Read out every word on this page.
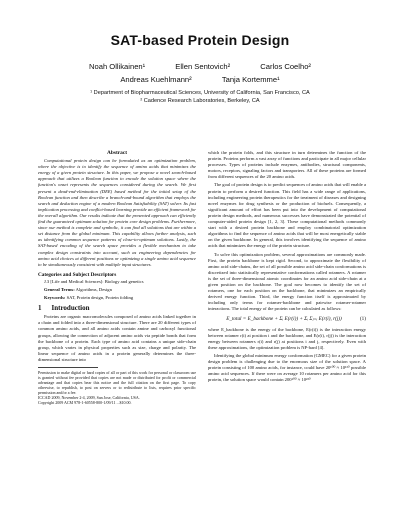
SAT-based Protein Design
Noah Ollikainen¹	Ellen Sentovich²	Carlos Coelho²
Andreas Kuehlmann²	Tanja Kortemme¹
¹ Department of Biopharmaceutical Sciences, University of California, San Francisco, CA
² Cadence Research Laboratories, Berkeley, CA
Abstract

Computational protein design can be formulated as an optimization problem, where the objective is to identify the sequence of amino acids that minimizes the energy of a given protein structure. In this paper, we propose a novel search-based approach that utilizes a Boolean function to encode the solution space where the function's onset represents the sequences considered during the search. We first present a dead-end-elimination (DEE) based method for the initial setup of the Boolean function and then describe a branch-and-bound algorithm that employs the search and deduction engine of a modern Boolean Satisfiability (SAT) solver. Its fast implication processing and conflict-based learning provide an efficient framework for the overall algorithm. Our results indicate that the presented approach can efficiently find the guaranteed optimum solution for protein core design problems. Furthermore, since our method is complete and symbolic, it can find all solutions that are within a set distance from the global minimum. This capability allows further analysis, such as identifying common sequence patterns of close-to-optimum solutions. Lastly, the SAT-based encoding of the search space provides a flexible mechanism to take complex design constraints into account, such as engineering dependencies for amino acid choices at different positions or optimizing a single amino acid sequence to be simultaneously consistent with multiple input structures.

Categories and Subject Descriptors

J.3 [Life and Medical Sciences]: Biology and genetics

General Terms: Algorithms, Design

Keywords: SAT, Protein design, Protein folding

1 Introduction

Proteins are organic macromolecules composed of amino acids linked together in a chain and folded into a three-dimensional structure. There are 20 different types of common amino acids, and all amino acids contain amine and carboxyl functional groups, allowing the connection of adjacent amino acids via peptide bonds that form the backbone of a protein. Each type of amino acid contains a unique side-chain group, which varies in physical properties such as size, charge and polarity. The linear sequence of amino acids in a protein generally determines the three-dimensional structure into

Permission to make digital or hard copies of all or part of this work for personal or classroom use is granted without fee provided that copies are not made or distributed for profit or commercial advantage and that copies bear this notice and the full citation on the first page. To copy otherwise, to republish, to post on servers or to redistribute to lists, requires prior specific permission and/or a fee.

ICCAD 2009, November 2-4, 2009, San Jose, California, USA.

Copyright 2009 ACM 978-1-60558-800-1/09/11 ...$10.00.

which the protein folds, and this structure in turn determines the function of the protein. Proteins perform a vast array of functions and participate in all major cellular processes. Types of proteins include enzymes, antibodies, structural components, motors, receptors, signaling factors and transporters. All of these proteins are formed from different sequences of the 20 amino acids.

The goal of protein design is to predict sequences of amino acids that will enable a protein to perform a desired function. This field has a wide range of applications, including engineering protein therapeutics for the treatment of diseases and designing novel enzymes for drug synthesis or the production of biofuels. Consequently, a significant amount of effort has been put into the development of computational protein design methods, and numerous successes have demonstrated the potential of computer-aided protein design [1, 2, 3]. These computational methods commonly start with a desired protein backbone and employ combinatorial optimization algorithms to find the sequence of amino acids that will be most energetically stable on the given backbone. In general, this involves identifying the sequence of amino acids that minimizes the energy of the protein structure.

To solve this optimization problem, several approximations are commonly made. First, the protein backbone is kept rigid. Second, to approximate the flexibility of amino acid side-chains, the set of all possible amino acid side-chain conformations is discretized into statistically representative conformations called rotamers. A rotamer is the set of three-dimensional atomic coordinates for an amino acid side-chain at a given position on the backbone. The goal now becomes to identify the set of rotamers, one for each position on the backbone, that minimizes an empirically derived energy function. Third, the energy function itself is approximated by including only terms for rotamer-backbone and pairwise rotamer-rotamer interactions. The total energy of the protein can be calculated as follows:

E_total = E_backbone + Σᵢ E(r(i)) + Σᵢ Σⱼ₌ᵢ E(r(i), r(j))	(1)

where E_backbone is the energy of the backbone, E(r(i)) is the interaction energy between rotamer r(i) at position i and the backbone, and E(r(i), r(j)) is the interaction energy between rotamers r(i) and r(j) at positions i and j, respectively. Even with these approximations, the optimization problem is NP-hard [4].

Identifying the global minimum energy conformation (GMEC) for a given protein design problem is challenging due to the enormous size of the solution space. A protein consisting of 100 amino acids, for instance, could have 20¹⁰⁰ ≈ 10¹³⁰ possible amino acid sequences. If there were on average 10 rotamers per amino acid for this protein, the solution space would contain 200¹⁰⁰ ≈ 10²³⁰
